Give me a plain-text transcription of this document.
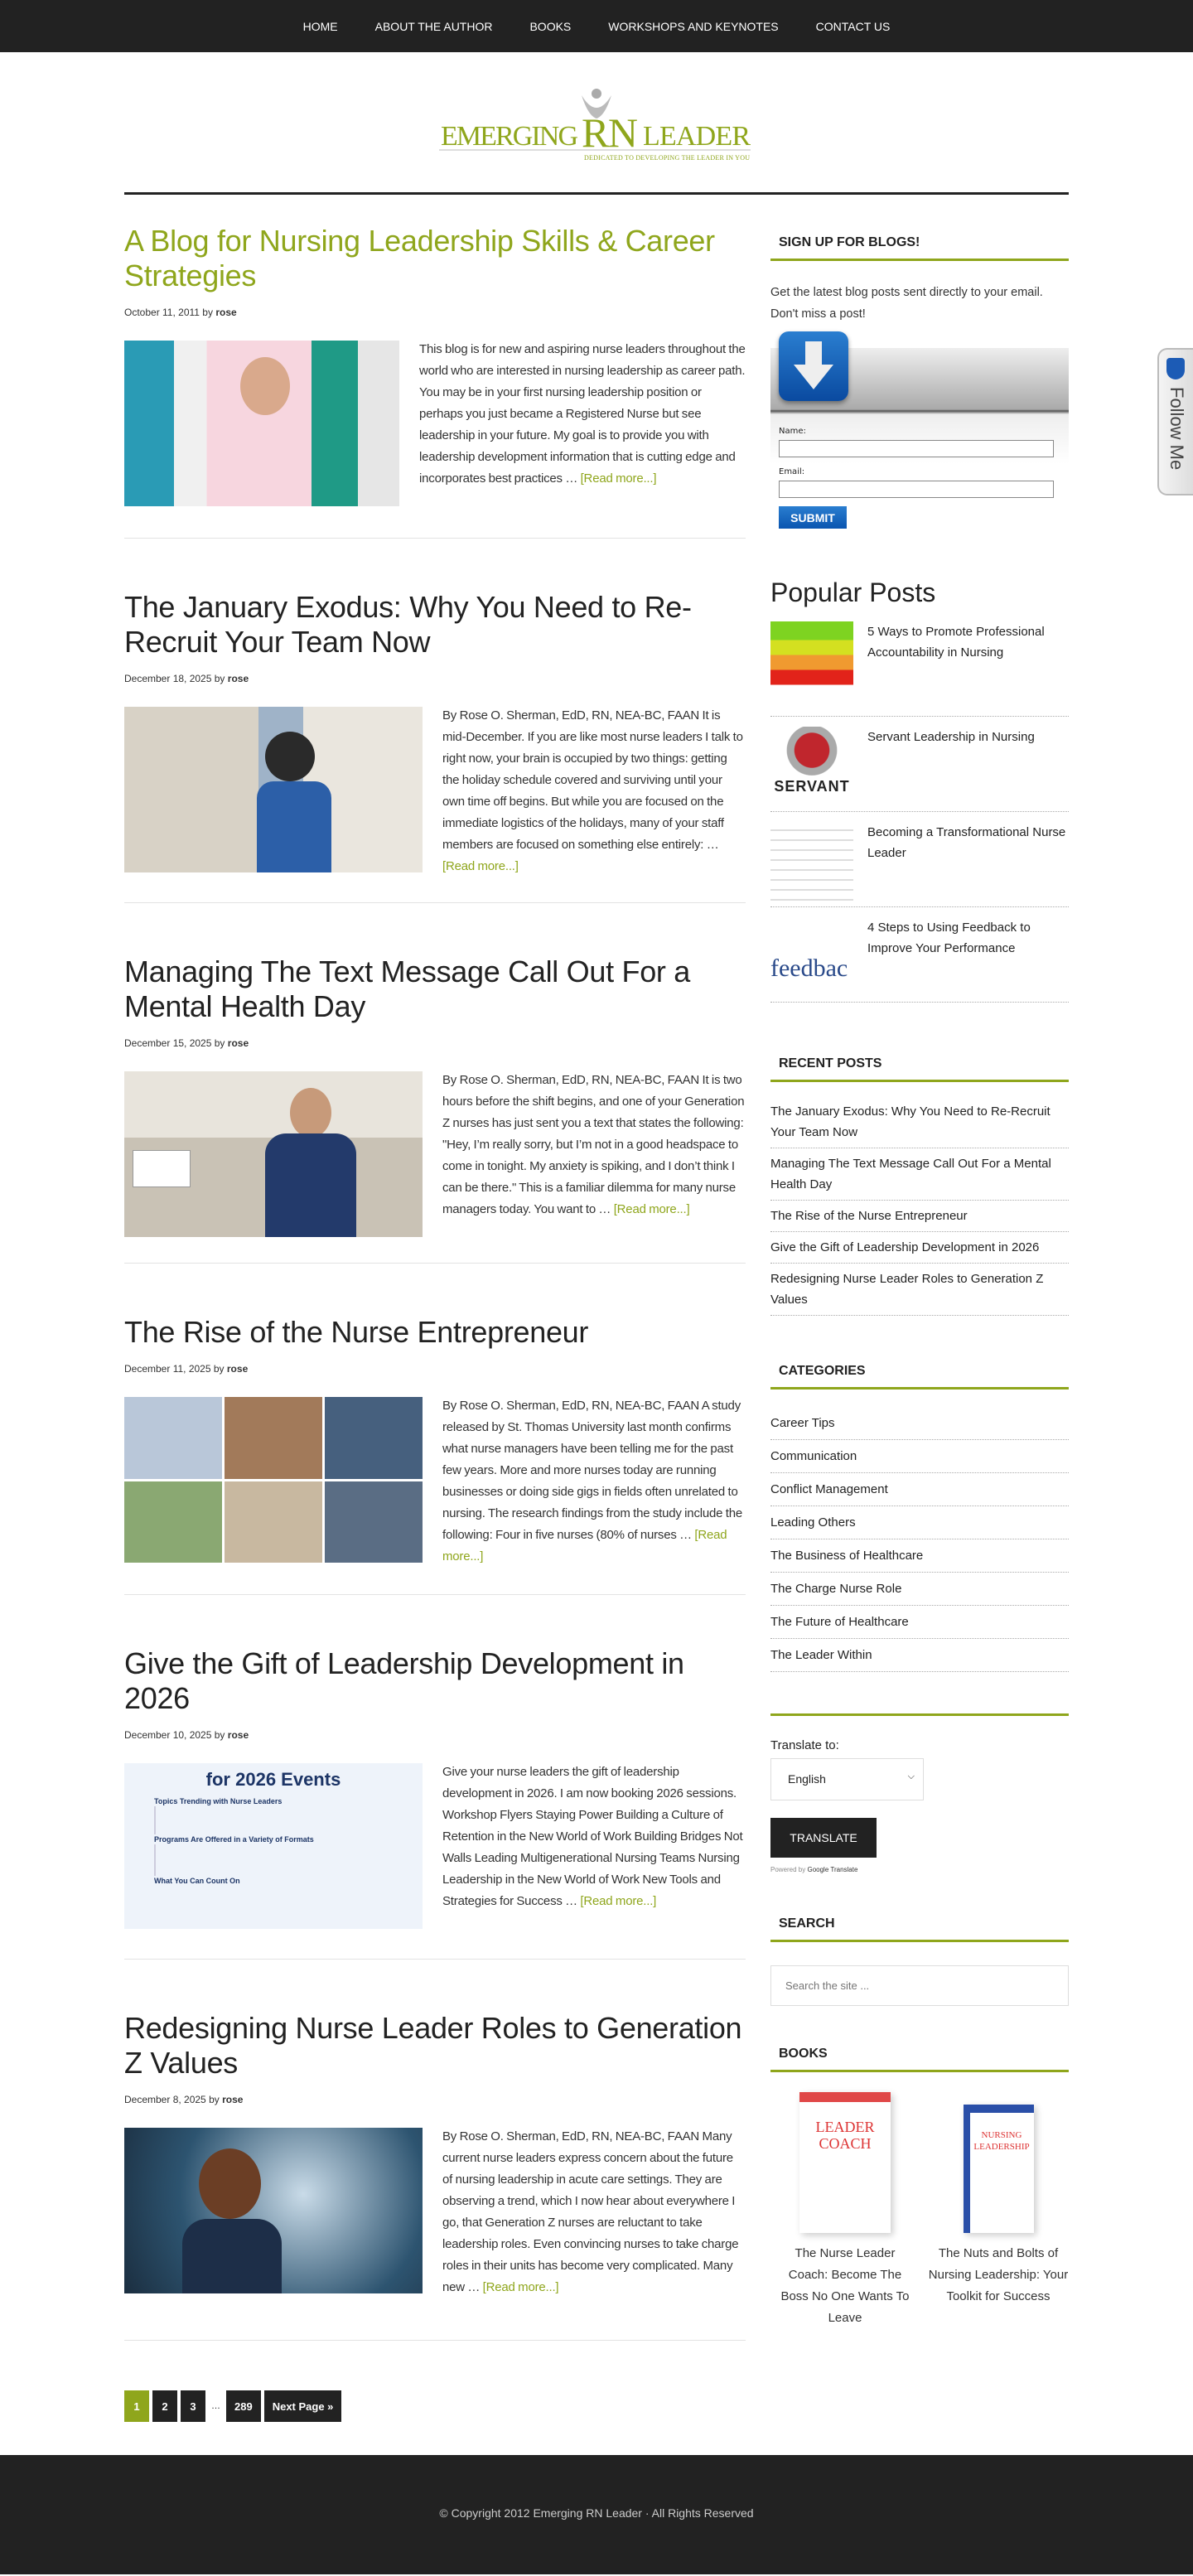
HOME	ABOUT THE AUTHOR	BOOKS	WORKSHOPS AND KEYNOTES	CONTACT US
EMERGING RN LEADER
DEDICATED TO DEVELOPING THE LEADER IN YOU
A Blog for Nursing Leadership Skills & Career Strategies
October 11, 2011 by rose

This blog is for new and aspiring nurse leaders throughout the world who are interested in nursing leadership as career path. You may be in your first nursing leadership position or perhaps you just became a Registered Nurse but see leadership in your future. My goal is to provide you with leadership development information that is cutting edge and incorporates best practices … [Read more...]

The January Exodus: Why You Need to Re-Recruit Your Team Now
December 18, 2025 by rose

By Rose O. Sherman, EdD, RN, NEA-BC, FAAN It is mid-December. If you are like most nurse leaders I talk to right now, your brain is occupied by two things: getting the holiday schedule covered and surviving until your own time off begins. But while you are focused on the immediate logistics of the holidays, many of your staff members are focused on something else entirely: … [Read more...]

Managing The Text Message Call Out For a Mental Health Day
December 15, 2025 by rose

By Rose O. Sherman, EdD, RN, NEA-BC, FAAN It is two hours before the shift begins, and one of your Generation Z nurses has just sent you a text that states the following: "Hey, I’m really sorry, but I’m not in a good headspace to come in tonight. My anxiety is spiking, and I don’t think I can be there." This is a familiar dilemma for many nurse managers today. You want to … [Read more...]

The Rise of the Nurse Entrepreneur
December 11, 2025 by rose

By Rose O. Sherman, EdD, RN, NEA-BC, FAAN A study released by St. Thomas University last month confirms what nurse managers have been telling me for the past few years. More and more nurses today are running businesses or doing side gigs in fields often unrelated to nursing. The research findings from the study include the following: Four in five nurses (80% of nurses … [Read more...]

Give the Gift of Leadership Development in 2026
December 10, 2025 by rose
for 2026 Events
Topics Trending with Nurse Leaders
Programs Are Offered in a Variety of Formats
What You Can Count On

Give your nurse leaders the gift of leadership development in 2026. I am now booking 2026 sessions. Workshop Flyers Staying Power Building a Culture of Retention in the New World of Work Building Bridges Not Walls Leading Multigenerational Nursing Teams Nursing Leadership in the New World of Work New Tools and Strategies for Success … [Read more...]

Redesigning Nurse Leader Roles to Generation Z Values
December 8, 2025 by rose

By Rose O. Sherman, EdD, RN, NEA-BC, FAAN Many current nurse leaders express concern about the future of nursing leadership in acute care settings. They are observing a trend, which I now hear about everywhere I go, that Generation Z nurses are reluctant to take leadership roles. Even convincing nurses to take charge roles in their units has become very complicated. Many new … [Read more...]

1	2	3	…	289	Next Page »
SIGN UP FOR BLOGS!

Get the latest blog posts sent directly to your email. Don't miss a post!

Name:
Email:
SUBMIT
Popular Posts
5 Ways to Promote Professional Accountability in Nursing
SERVANT
Servant Leadership in Nursing
Becoming a Transformational Nurse Leader
feedbac
4 Steps to Using Feedback to Improve Your Performance
RECENT POSTS
The January Exodus: Why You Need to Re-Recruit Your Team Now
Managing The Text Message Call Out For a Mental Health Day
The Rise of the Nurse Entrepreneur
Give the Gift of Leadership Development in 2026
Redesigning Nurse Leader Roles to Generation Z Values
CATEGORIES
Career Tips
Communication
Conflict Management
Leading Others
The Business of Healthcare
The Charge Nurse Role
The Future of Healthcare
The Leader Within
Translate to:
English	⌵
TRANSLATE
Powered by Google Translate
SEARCH
Search the site ...
BOOKS
LEADER COACH
The Nurse Leader Coach: Become The Boss No One Wants To Leave
NURSING LEADERSHIP
The Nuts and Bolts of Nursing Leadership: Your Toolkit for Success
Follow Me
© Copyright 2012 Emerging RN Leader · All Rights Reserved
